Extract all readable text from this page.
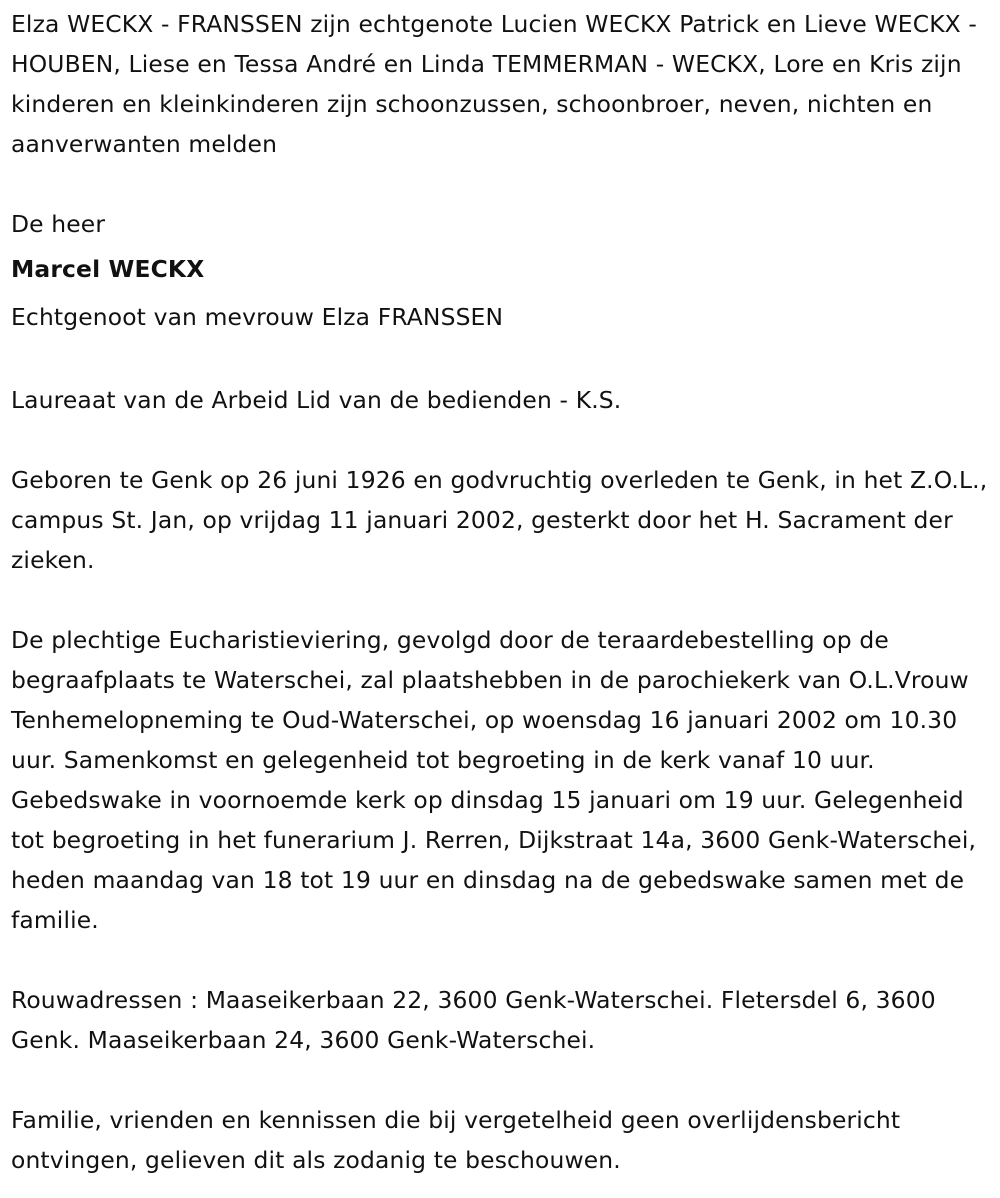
Elza WECKX - FRANSSEN zijn echtgenote Lucien WECKX Patrick en Lieve WECKX - HOUBEN, Liese en Tessa André en Linda TEMMERMAN - WECKX, Lore en Kris zijn kinderen en kleinkinderen zijn schoonzussen, schoonbroer, neven, nichten en aanverwanten melden

De heer

Marcel WECKX

Echtgenoot van mevrouw Elza FRANSSEN

Laureaat van de Arbeid Lid van de bedienden - K.S.

Geboren te Genk op 26 juni 1926 en godvruchtig overleden te Genk, in het Z.O.L., campus St. Jan, op vrijdag 11 januari 2002, gesterkt door het H. Sacrament der zieken.

De plechtige Eucharistieviering, gevolgd door de teraardebestelling op de begraafplaats te Waterschei, zal plaatshebben in de parochiekerk van O.L.Vrouw Tenhemelopneming te Oud-Waterschei, op woensdag 16 januari 2002 om 10.30 uur. Samenkomst en gelegenheid tot begroeting in de kerk vanaf 10 uur. Gebedswake in voornoemde kerk op dinsdag 15 januari om 19 uur. Gelegenheid tot begroeting in het funerarium J. Rerren, Dijkstraat 14a, 3600 Genk-Waterschei, heden maandag van 18 tot 19 uur en dinsdag na de gebedswake samen met de familie.

Rouwadressen : Maaseikerbaan 22, 3600 Genk-Waterschei. Fletersdel 6, 3600 Genk. Maaseikerbaan 24, 3600 Genk-Waterschei.

Familie, vrienden en kennissen die bij vergetelheid geen overlijdensbericht ontvingen, gelieven dit als zodanig te beschouwen.
